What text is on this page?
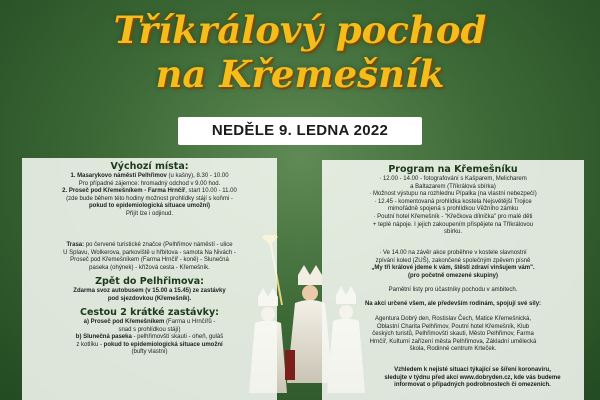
Tříkrálový pochod
na Křemešník
NEDĚLE 9. LEDNA 2022
Výchozí místa:
1. Masarykovo náměstí Pelhřimov (u kašny), 8.30 - 10.00
Pro případné zájemce: hromadný odchod v 9.00 hod.
2. Proseč pod Křemešníkem - Farma Hrnčíř, start 10.00 - 11.00
(zde bude během této hodiny možnost prohlídky stájí s koňmi -
pokud to epidemiologická situace umožní)
Přijít lze i odjinud.
Trasa: po červené turistické značce (Pelhřimov náměstí - ulice
U Splavu, Wolkerova, parkoviště u hřbitova - samota Na Nivách -
Proseč pod Křemešníkem (Farma Hrnčíř - koně) - Slunečná
paseka (ohýnek) - křížová cesta - Křemešník.
Zpět do Pelhřimova:
Zdarma svoz autobusem (v 15.00 a 15.45) ze zastávky
pod sjezdovkou (Křemešník).
Cestou 2 krátké zastávky:
a) Proseč pod Křemešníkem (Farma u Hrnčířů -
snad s prohlídkou stájí)
b) Slunečná paseka - pelhřimovští skauti - oheň, guláš
z kotlíku - pokud to epidemiologická situace umožní
(bufty vlastní)
Program na Křemešníku
· 12.00 - 14.00 - fotografování s Kašparem, Melicharem
a Baltazarem (Tříkrálová sbírka)
· Možnost výstupu na rozhlednu Pípalka (na vlastní nebezpečí)
· 12.45 - komentovaná prohlídka kostela Nejsvětější Trojice
mimořádně spojená s prohlídkou Věžního zámku
· Poutní hotel Křemešník - "Křečkova dílnička" pro malé děti
+ teplé nápoje. I jejich zakoupením přispějete na Tříkrálovou
sbírku.
· Ve 14.00 na závěr akce proběhne v kostele slavnostní
zpívání koled (ZUŠ), zakončené společným zpěvem písně
„My tři králové jdeme k vám, štěstí zdraví vinšujem vám".
(pro početně omezené skupiny)
Pamětní listy pro účastníky pochodu v ambitech.
Na akci určené všem, ale především rodinám, spojují své síly:
Agentura Dobrý den, Rostislav Čech, Matice Křemešnická,
Oblastní Charita Pelhřimov, Poutní hotel Křemešník, Klub
českých turistů, Pelhřimovští skauti, Město Pelhřimov, Farma
Hrnčíř, Kulturní zařízení města Pelhřimova, Základní umělecká
škola, Rodinné centrum Krteček.
Vzhledem k nejisté situaci týkající se šíření koronaviru,
sledujte v týdnu před akcí www.dobryden.cz, kde vás budeme
informovat o případných podrobnostech či omezeních.
